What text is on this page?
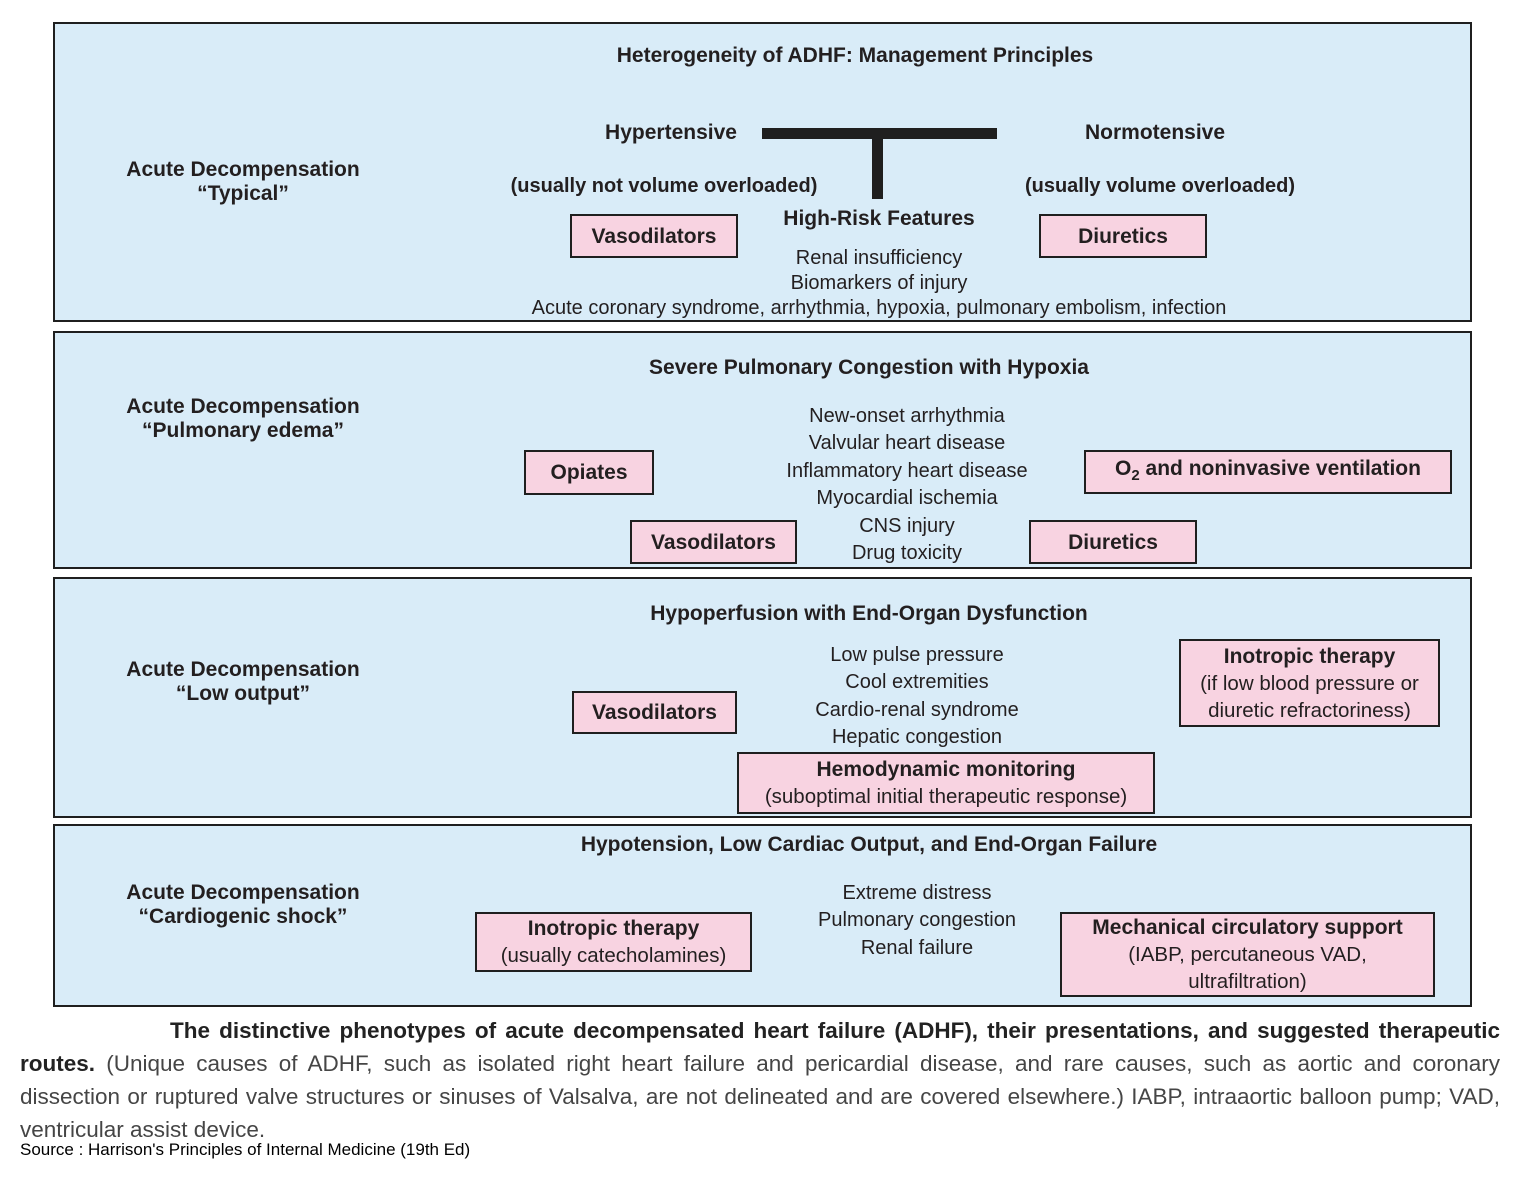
Heterogeneity of ADHF: Management Principles
Acute Decompensation
“Typical”
Hypertensive	Normotensive
(usually not volume overloaded)	(usually volume overloaded)
Vasodilators	Diuretics
High-Risk Features
Renal insufficiency
Biomarkers of injury
Acute coronary syndrome, arrhythmia, hypoxia, pulmonary embolism, infection
Severe Pulmonary Congestion with Hypoxia
Acute Decompensation
“Pulmonary edema”
New-onset arrhythmia
Valvular heart disease
Inflammatory heart disease
Myocardial ischemia
CNS injury
Drug toxicity
Opiates	$O_2$ and noninvasive ventilation
Vasodilators	Diuretics
Hypoperfusion with End-Organ Dysfunction
Acute Decompensation
“Low output”
Low pulse pressure
Cool extremities
Cardio-renal syndrome
Hepatic congestion
Vasodilators
Inotropic therapy
(if low blood pressure or
diuretic refractoriness)
Hemodynamic monitoring
(suboptimal initial therapeutic response)
Hypotension, Low Cardiac Output, and End-Organ Failure
Acute Decompensation
“Cardiogenic shock”
Extreme distress
Pulmonary congestion
Renal failure
Inotropic therapy
(usually catecholamines)
Mechanical circulatory support
(IABP, percutaneous VAD,
ultrafiltration)
The distinctive phenotypes of acute decompensated heart failure (ADHF), their presentations, and suggested therapeutic routes. (Unique causes of ADHF, such as isolated right heart failure and pericardial disease, and rare causes, such as aortic and coronary dissection or ruptured valve structures or sinuses of Valsalva, are not delineated and are covered elsewhere.) IABP, intraaortic balloon pump; VAD, ventricular assist device.
Source : Harrison's Principles of Internal Medicine (19th Ed)
